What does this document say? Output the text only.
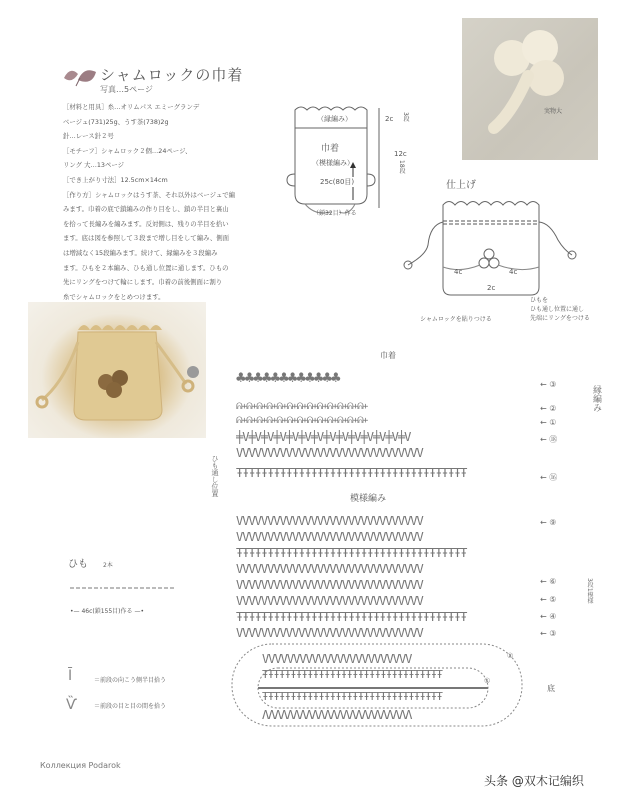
シャムロックの巾着
写真…5ページ
［材料と用具］糸…オリムパス エミーグランデ
ベージュ(731)25g、うす茶(738)2g
針…レース針２号
［モチーフ］シャムロック２個…24ページ、
リング 大…13ページ
［でき上がり寸法］12.5cm×14cm
［作り方］シャムロックはうす茶、それ以外はベージュで編
みます。巾着の底で鎖編みの作り目をし、鎖の半目と裏山
を拾って長編みを編みます。反対側は、残りの半目を拾い
ます。底は図を参照して３段まで増し目をして編み、側面
は増減なく15段編みます。続けて、縁編みを３段編み
ます。ひもを２本編み、ひも通し位置に通します。ひもの
先にリングをつけて輪にします。巾着の前後側面に割り
糸でシャムロックをとめつけます。
実物大
（縁編み）
巾着
（模様編み）
25c(80目)
（鎖32目）作る
2c 3段
12c
18段
仕上げ
4c	4c
2c
シャムロックを貼りつける
ひもを
ひも通し位置に通し
先端にリングをつける
巾着
♣♣♣♣♣♣♣♣♣♣♣♣
ᕱ+ᕱ+ᕱ+ᕱ+ᕱ+ᕱ+ᕱ+ᕱ+ᕱ+ᕱ+ᕱ+ᕱ+ᕱ+
ᕱ+ᕱ+ᕱ+ᕱ+ᕱ+ᕱ+ᕱ+ᕱ+ᕱ+ᕱ+ᕱ+ᕱ+ᕱ+
╪V╪V╪V╪V╪V╪V╪V╪V╪V╪V╪V╪V╪V╪V
VVVVVVVVVVVVVVVVVVVVVVVVVVVVVV
ŦŦŦŦŦŦŦŦŦŦŦŦŦŦŦŦŦŦŦŦŦŦŦŦŦŦŦŦŦŦŦŦŦŦŦŦŦ
VVVVVVVVVVVVVVVVVVVVVVVVVVVVVV
VVVVVVVVVVVVVVVVVVVVVVVVVVVVVV
ŦŦŦŦŦŦŦŦŦŦŦŦŦŦŦŦŦŦŦŦŦŦŦŦŦŦŦŦŦŦŦŦŦŦŦŦŦ
VVVVVVVVVVVVVVVVVVVVVVVVVVVVVV
VVVVVVVVVVVVVVVVVVVVVVVVVVVVVV
VVVVVVVVVVVVVVVVVVVVVVVVVVVVVV
ŦŦŦŦŦŦŦŦŦŦŦŦŦŦŦŦŦŦŦŦŦŦŦŦŦŦŦŦŦŦŦŦŦŦŦŦŦ
VVVVVVVVVVVVVVVVVVVVVVVVVVVVVV
VVVVVVVVVVVVVVVVVVVVVVVV
ŦŦŦŦŦŦŦŦŦŦŦŦŦŦŦŦŦŦŦŦŦŦŦŦŦŦŦŦŦŦŦŦ
ŦŦŦŦŦŦŦŦŦŦŦŦŦŦŦŦŦŦŦŦŦŦŦŦŦŦŦŦŦŦŦŦ
ΛΛΛΛΛΛΛΛΛΛΛΛΛΛΛΛΛΛΛΛΛΛΛΛ
ひも通し位置
模様編み
縁編み
3段1模様
底
← ③
← ②
← ①
← ⑱
← ⑯
← ⑨
← ⑥
← ⑤
← ④
← ③
②
①
ひも	2本
•— 46c(鎖155目)作る —•
Ī	＝前段の向こう側半目拾う
Ѷ	＝前段の目と目の間を拾う
Коллекция Podarok
头条 @双木记编织
